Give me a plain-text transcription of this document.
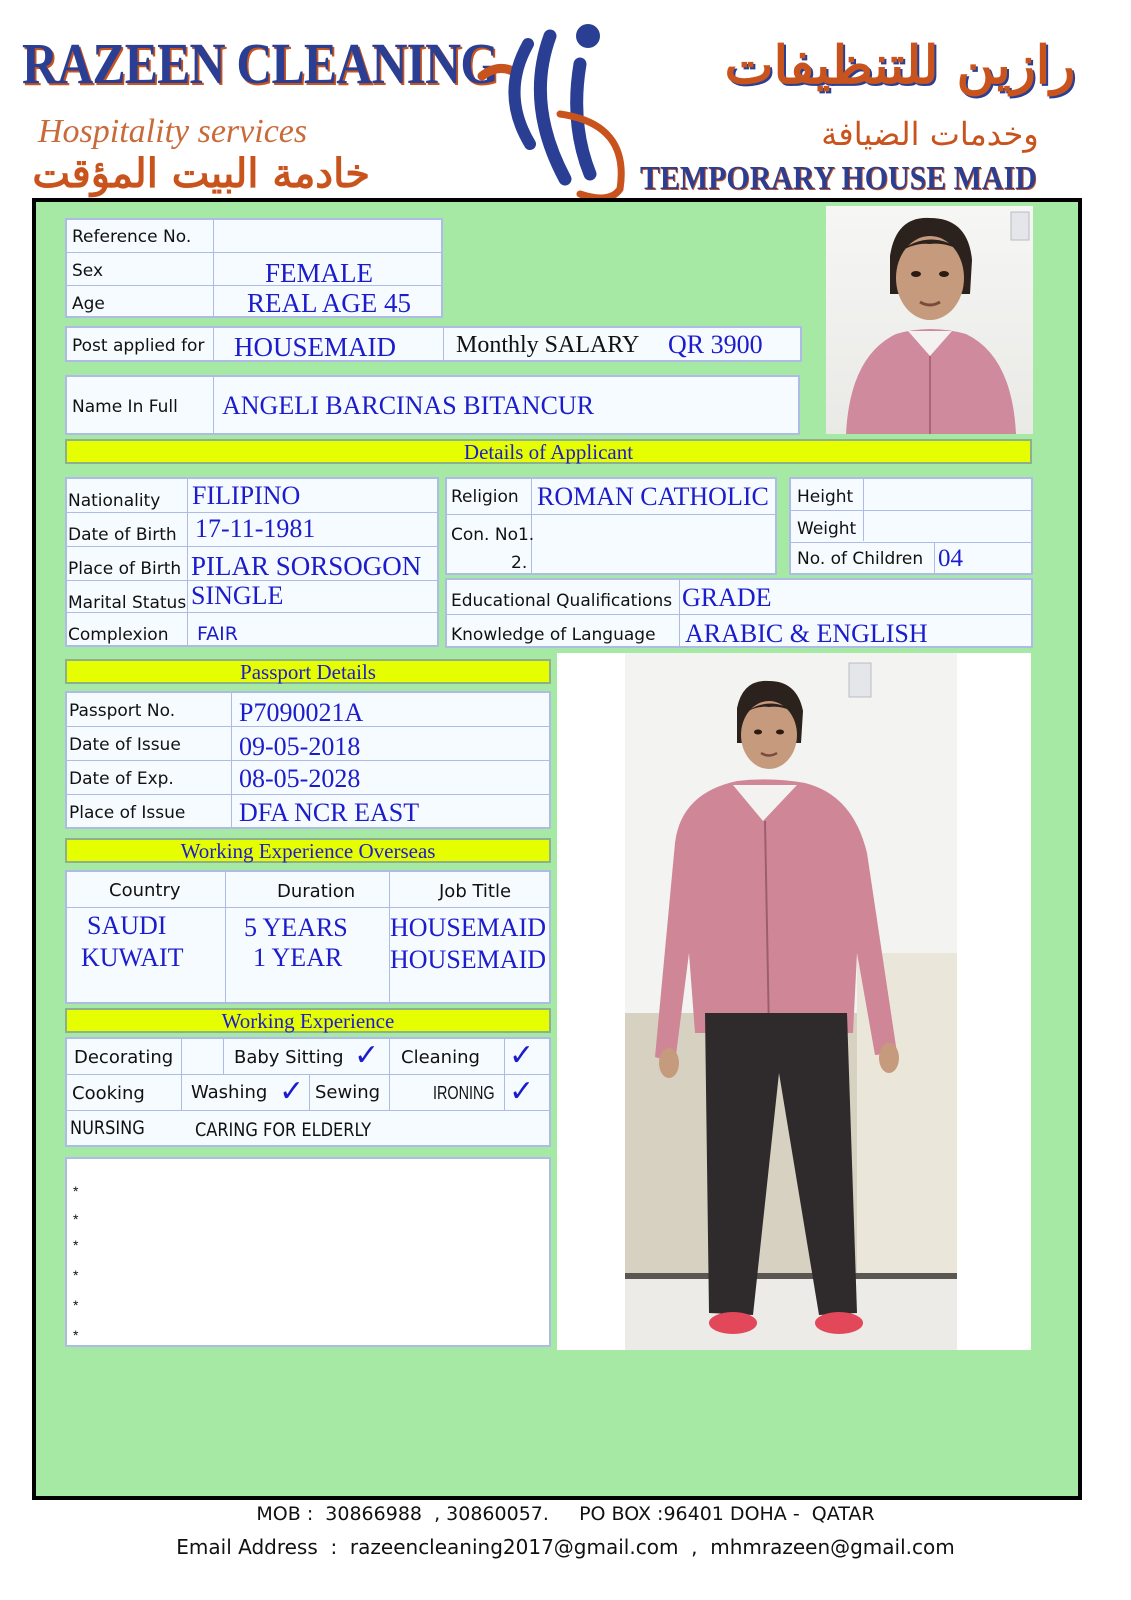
RAZEEN CLEANING
Hospitality services
خادمة البيت المؤقت
رازين للتنظيفات
وخدمات الضيافة
TEMPORARY HOUSE MAID
Reference No.
Sex	FEMALE
Age	REAL AGE 45
Post applied for HOUSEMAID	Monthly SALARY QR 3900
Name In Full ANGELI BARCINAS BITANCUR
Details of Applicant
Nationality FILIPINO
Date of Birth 17-11-1981
Place of Birth PILAR SORSOGON
Marital Status SINGLE
Complexion FAIR
Religion ROMAN CATHOLIC
Con. No1.
2.
Height
Weight
No. of Children 04
Educational Qualifications GRADE
Knowledge of Language ARABIC & ENGLISH
Passport Details
Passport No. P7090021A
Date of Issue 09-05-2018
Date of Exp.	08-05-2028
Place of Issue DFA NCR EAST
Working Experience Overseas
Country	Duration	Job Title
SAUDI	5 YEARS HOUSEMAID
KUWAIT	1 YEAR HOUSEMAID
Working Experience
Decorating	Baby Sitting ✓ Cleaning ✓
Cooking	Washing ✓ Sewing	IRONING ✓
NURSING	CARING FOR ELDERLY
*
*
*
*
*
*
MOB :  30866988  , 30860057.     PO BOX :96401 DOHA -  QATAR
Email Address  :  razeencleaning2017@gmail.com  ,  mhmrazeen@gmail.com
